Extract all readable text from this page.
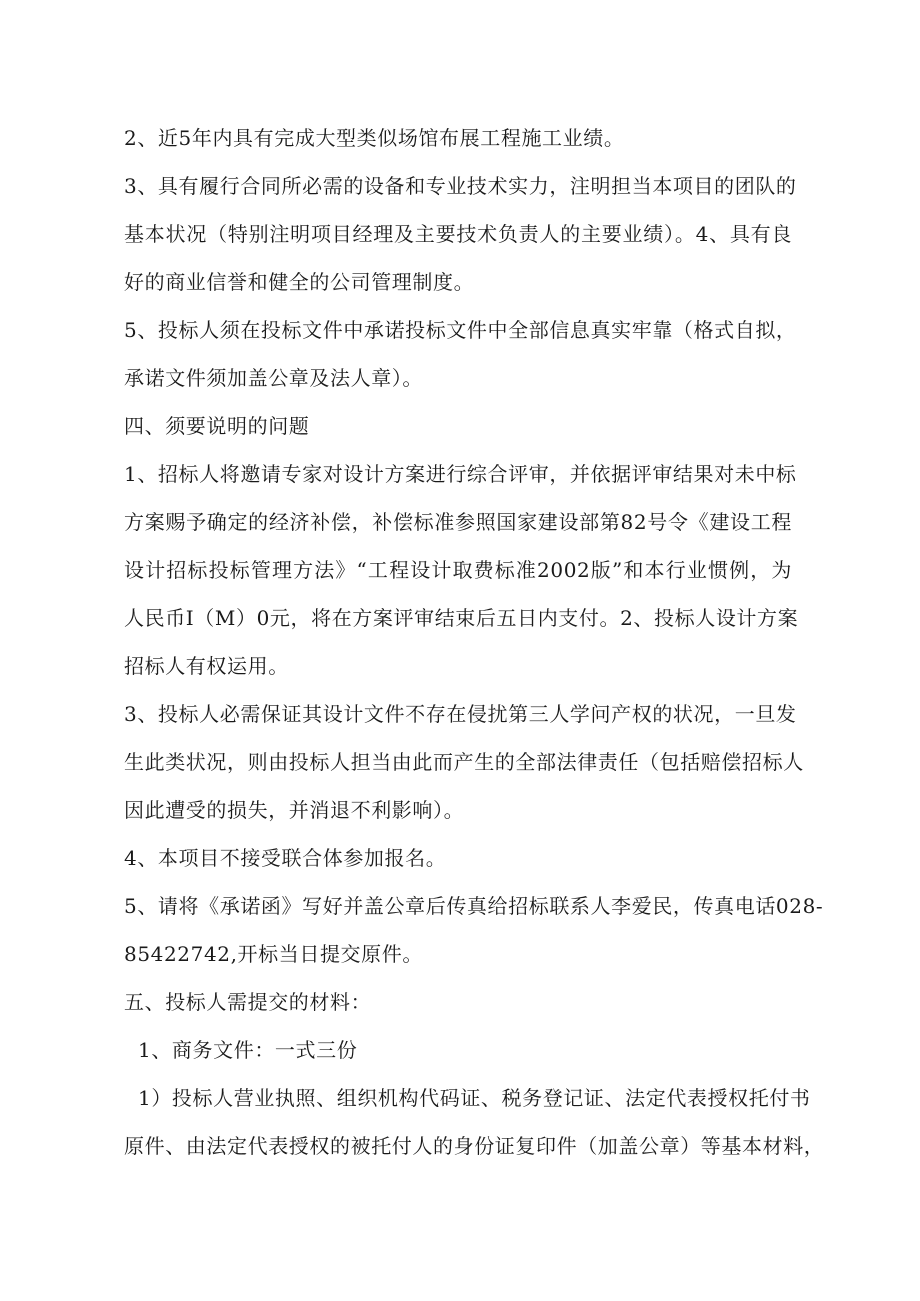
2、近5年内具有完成大型类似场馆布展工程施工业绩。

3、具有履行合同所必需的设备和专业技术实力，注明担当本项目的团队的
基本状况（特别注明项目经理及主要技术负责人的主要业绩）。4、具有良
好的商业信誉和健全的公司管理制度。

5、投标人须在投标文件中承诺投标文件中全部信息真实牢靠（格式自拟，
承诺文件须加盖公章及法人章）。

四、须要说明的问题

1、招标人将邀请专家对设计方案进行综合评审，并依据评审结果对未中标
方案赐予确定的经济补偿，补偿标准参照国家建设部第82号令《建设工程
设计招标投标管理方法》“工程设计取费标准2002版”和本行业惯例，为
人民币I（M）0元，将在方案评审结束后五日内支付。2、投标人设计方案
招标人有权运用。

3、投标人必需保证其设计文件不存在侵扰第三人学问产权的状况，一旦发
生此类状况，则由投标人担当由此而产生的全部法律责任（包括赔偿招标人
因此遭受的损失，并消退不利影响）。

4、本项目不接受联合体参加报名。

5、请将《承诺函》写好并盖公章后传真给招标联系人李爱民，传真电话028-
85422742,开标当日提交原件。

五、投标人需提交的材料：

1、商务文件：一式三份

1）投标人营业执照、组织机构代码证、税务登记证、法定代表授权托付书
原件、由法定代表授权的被托付人的身份证复印件（加盖公章）等基本材料，
